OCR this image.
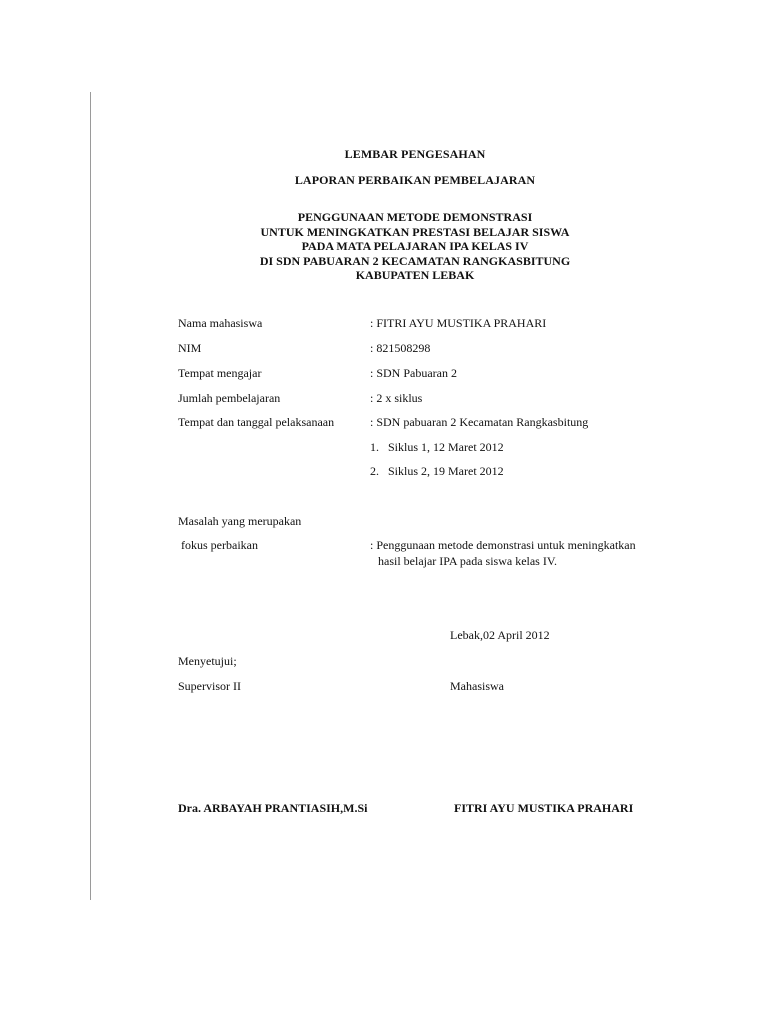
LEMBAR PENGESAHAN
LAPORAN PERBAIKAN PEMBELAJARAN
PENGGUNAAN METODE DEMONSTRASI
UNTUK MENINGKATKAN PRESTASI BELAJAR SISWA
PADA MATA PELAJARAN IPA KELAS IV
DI SDN PABUARAN 2 KECAMATAN RANGKASBITUNG
KABUPATEN LEBAK
Nama mahasiswa	: FITRI AYU MUSTIKA PRAHARI
NIM	: 821508298
Tempat mengajar	: SDN Pabuaran 2
Jumlah pembelajaran	: 2 x siklus
Tempat dan tanggal pelaksanaan	: SDN pabuaran 2 Kecamatan Rangkasbitung
1. Siklus 1, 12 Maret 2012
2. Siklus 2, 19 Maret 2012
Masalah yang merupakan
fokus perbaikan	: Penggunaan metode demonstrasi untuk meningkatkan
hasil belajar IPA pada siswa kelas IV.
Lebak,02 April 2012
Menyetujui;
Supervisor II	Mahasiswa
Dra. ARBAYAH PRANTIASIH,M.Si	FITRI AYU MUSTIKA PRAHARI
